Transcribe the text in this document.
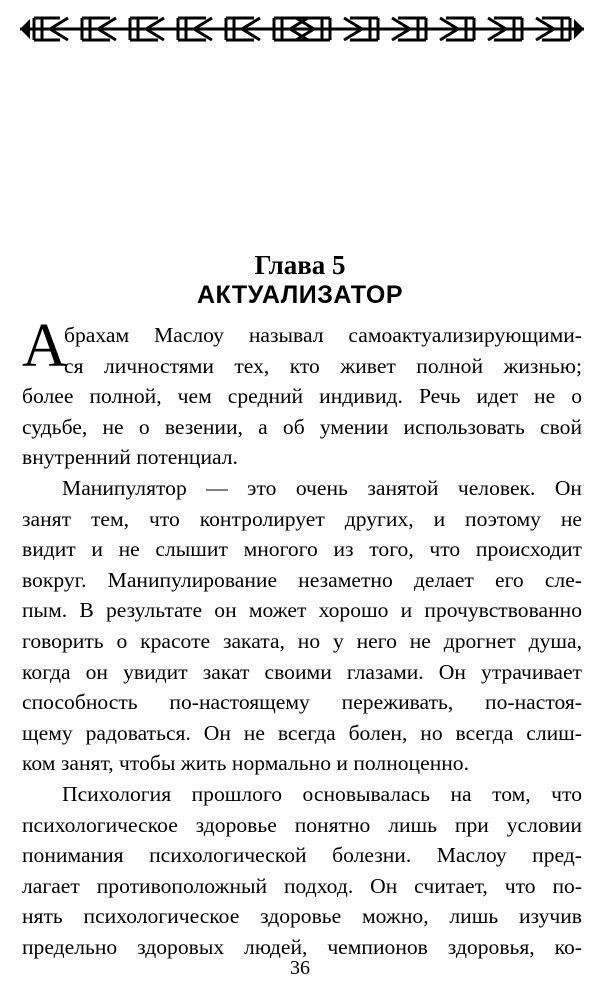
Глава 5
АКТУАЛИЗАТОР
А
брахам Маслоу называл самоактуализирующими-
ся личностями тех, кто живет полной жизнью;
более полной, чем средний индивид. Речь идет не о
судьбе, не о везении, а об умении использовать свой
внутренний потенциал.
Манипулятор — это очень занятой человек. Он
занят тем, что контролирует других, и поэтому не
видит и не слышит многого из того, что происходит
вокруг. Манипулирование незаметно делает его сле-
пым. В результате он может хорошо и прочувствованно
говорить о красоте заката, но у него не дрогнет душа,
когда он увидит закат своими глазами. Он утрачивает
способность по-настоящему переживать, по-настоя-
щему радоваться. Он не всегда болен, но всегда слиш-
ком занят, чтобы жить нормально и полноценно.
Психология прошлого основывалась на том, что
психологическое здоровье понятно лишь при условии
понимания психологической болезни. Маслоу пред-
лагает противоположный подход. Он считает, что по-
нять психологическое здоровье можно, лишь изучив
предельно здоровых людей, чемпионов здоровья, ко-
36
